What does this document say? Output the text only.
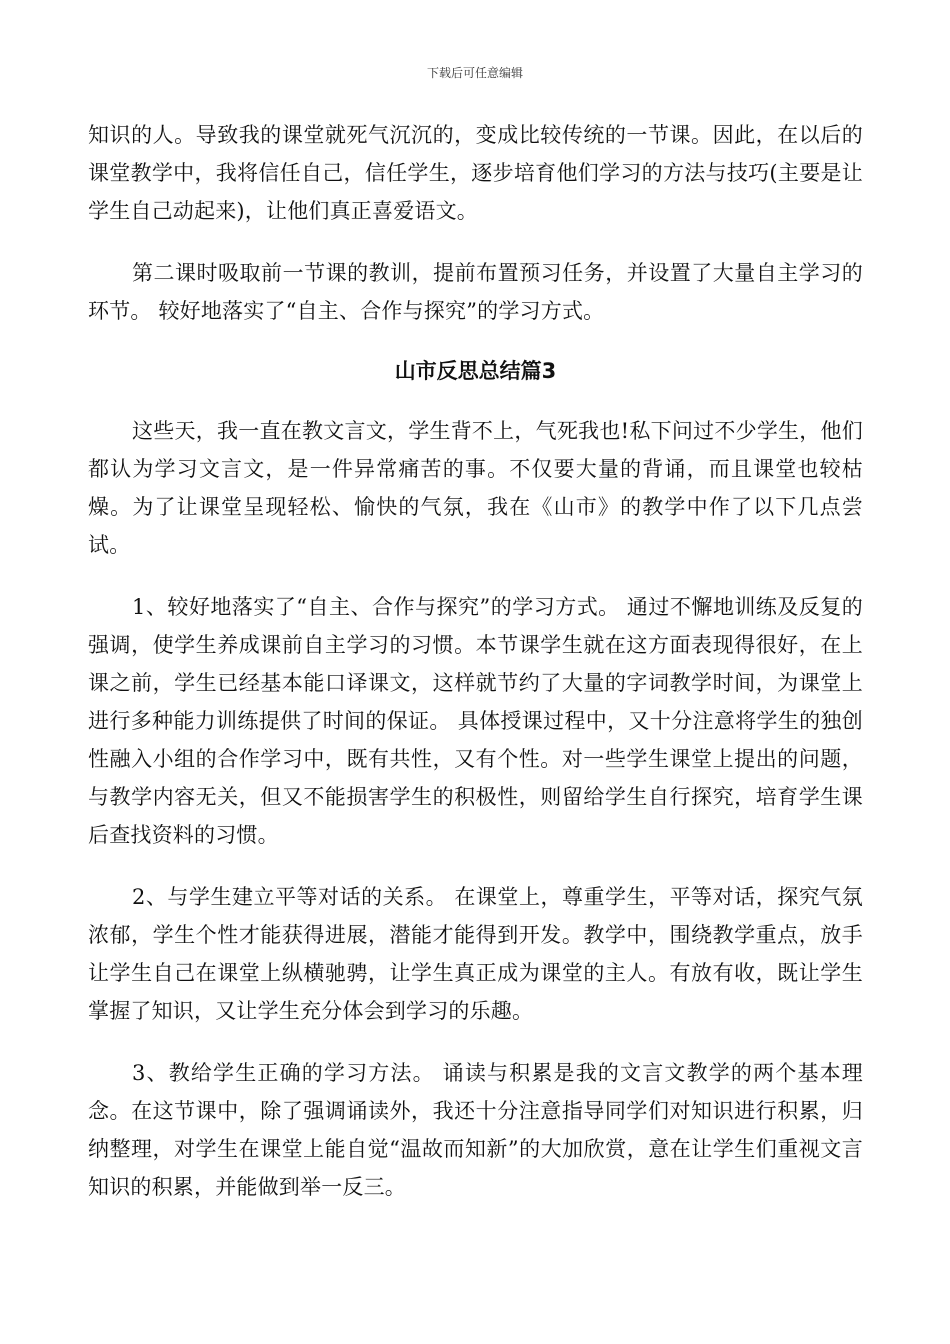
下载后可任意编辑

知识的人。导致我的课堂就死气沉沉的，变成比较传统的一节课。因此，在以后的课堂教学中，我将信任自己，信任学生，逐步培育他们学习的方法与技巧(主要是让学生自己动起来)，让他们真正喜爱语文。

第二课时吸取前一节课的教训，提前布置预习任务，并设置了大量自主学习的环节。 较好地落实了“自主、合作与探究”的学习方式。

山市反思总结篇3

这些天，我一直在教文言文，学生背不上，气死我也!私下问过不少学生，他们都认为学习文言文，是一件异常痛苦的事。不仅要大量的背诵，而且课堂也较枯燥。为了让课堂呈现轻松、愉快的气氛，我在《山市》的教学中作了以下几点尝试。

1、较好地落实了“自主、合作与探究”的学习方式。 通过不懈地训练及反复的强调，使学生养成课前自主学习的习惯。本节课学生就在这方面表现得很好，在上课之前，学生已经基本能口译课文，这样就节约了大量的字词教学时间，为课堂上进行多种能力训练提供了时间的保证。 具体授课过程中，又十分注意将学生的独创性融入小组的合作学习中，既有共性，又有个性。对一些学生课堂上提出的问题，与教学内容无关，但又不能损害学生的积极性，则留给学生自行探究，培育学生课后查找资料的习惯。

2、与学生建立平等对话的关系。 在课堂上，尊重学生，平等对话，探究气氛浓郁，学生个性才能获得进展，潜能才能得到开发。教学中，围绕教学重点，放手让学生自己在课堂上纵横驰骋，让学生真正成为课堂的主人。有放有收，既让学生掌握了知识，又让学生充分体会到学习的乐趣。

3、教给学生正确的学习方法。 诵读与积累是我的文言文教学的两个基本理念。在这节课中，除了强调诵读外，我还十分注意指导同学们对知识进行积累，归纳整理，对学生在课堂上能自觉“温故而知新”的大加欣赏，意在让学生们重视文言知识的积累，并能做到举一反三。
